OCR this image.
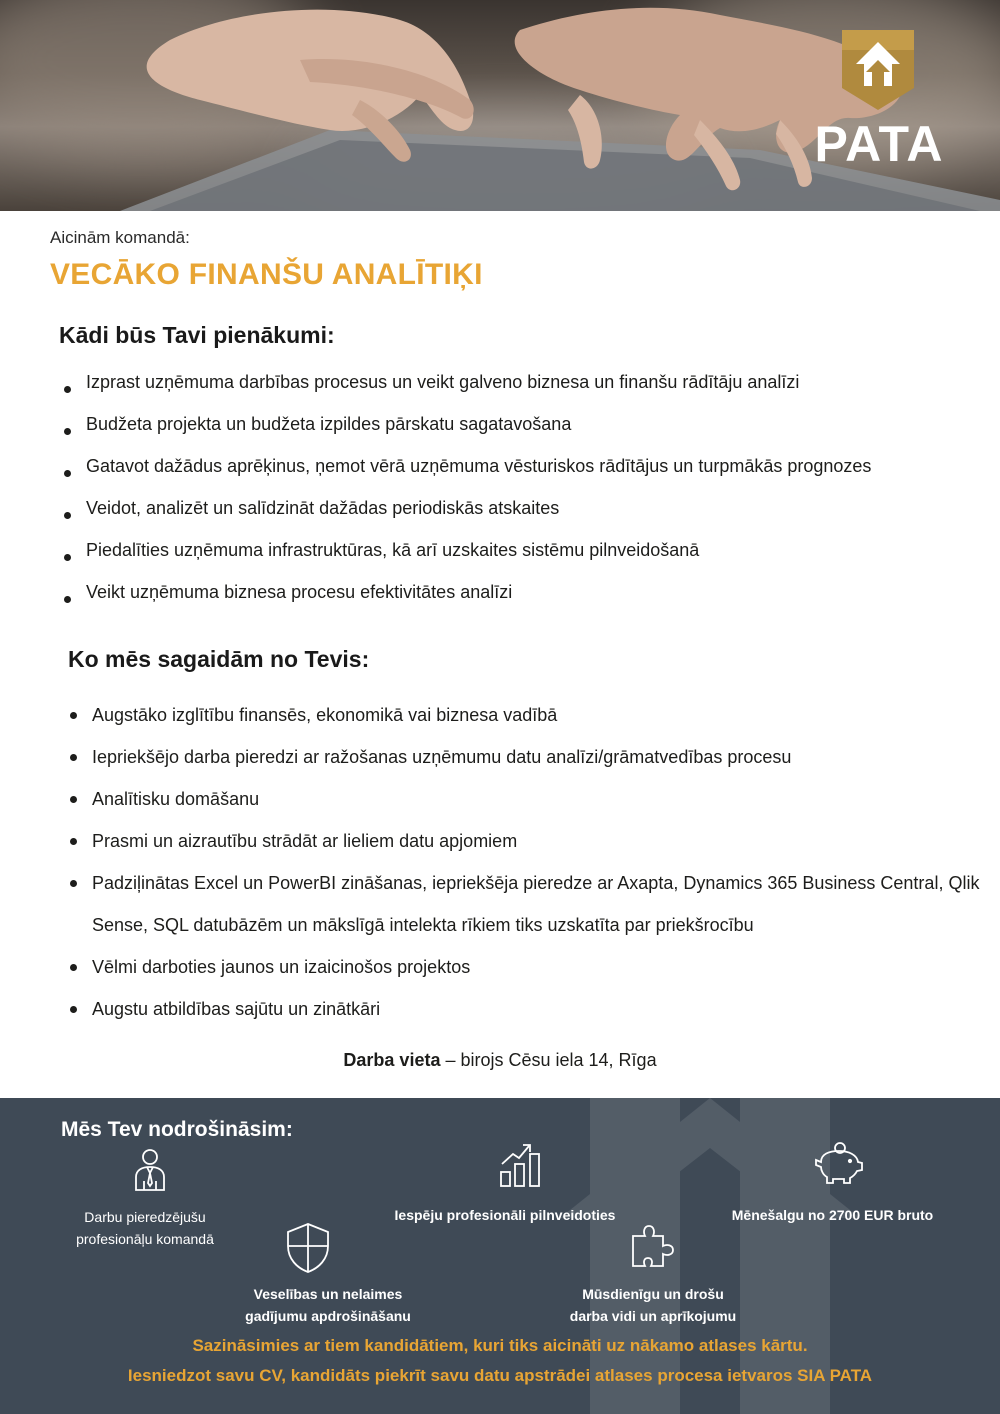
PATA
Aicinām komandā:
VECĀKO FINANŠU ANALĪTIĶI
Kādi būs Tavi pienākumi:
Izprast uzņēmuma darbības procesus un veikt galveno biznesa un finanšu rādītāju analīzi
Budžeta projekta un budžeta izpildes pārskatu sagatavošana
Gatavot dažādus aprēķinus, ņemot vērā uzņēmuma vēsturiskos rādītājus un turpmākās prognozes
Veidot, analizēt un salīdzināt dažādas periodiskās atskaites
Piedalīties uzņēmuma infrastruktūras, kā arī uzskaites sistēmu pilnveidošanā
Veikt uzņēmuma biznesa procesu efektivitātes analīzi
Ko mēs sagaidām no Tevis:
Augstāko izglītību finansēs, ekonomikā vai biznesa vadībā
Iepriekšējo darba pieredzi ar ražošanas uzņēmumu datu analīzi/grāmatvedības procesu
Analītisku domāšanu
Prasmi un aizrautību strādāt ar lieliem datu apjomiem
Padziļinātas Excel un PowerBI zināšanas, iepriekšēja pieredze ar Axapta, Dynamics 365 Business Central, Qlik Sense, SQL datubāzēm un mākslīgā intelekta rīkiem tiks uzskatīta par priekšrocību
Vēlmi darboties jaunos un izaicinošos projektos
Augstu atbildības sajūtu un zinātkāri
Darba vieta – birojs Cēsu iela 14, Rīga
Mēs Tev nodrošināsim:
Darbu pieredzējušu
profesionāļu komandā
Iespēju profesionāli pilnveidoties	Mēnešalgu no 2700 EUR bruto
Veselības un nelaimes
gadījumu apdrošināšanu
Mūsdienīgu un drošu
darba vidi un aprīkojumu
Sazināsimies ar tiem kandidātiem, kuri tiks aicināti uz nākamo atlases kārtu.
Iesniedzot savu CV, kandidāts piekrīt savu datu apstrādei atlases procesa ietvaros SIA PATA
